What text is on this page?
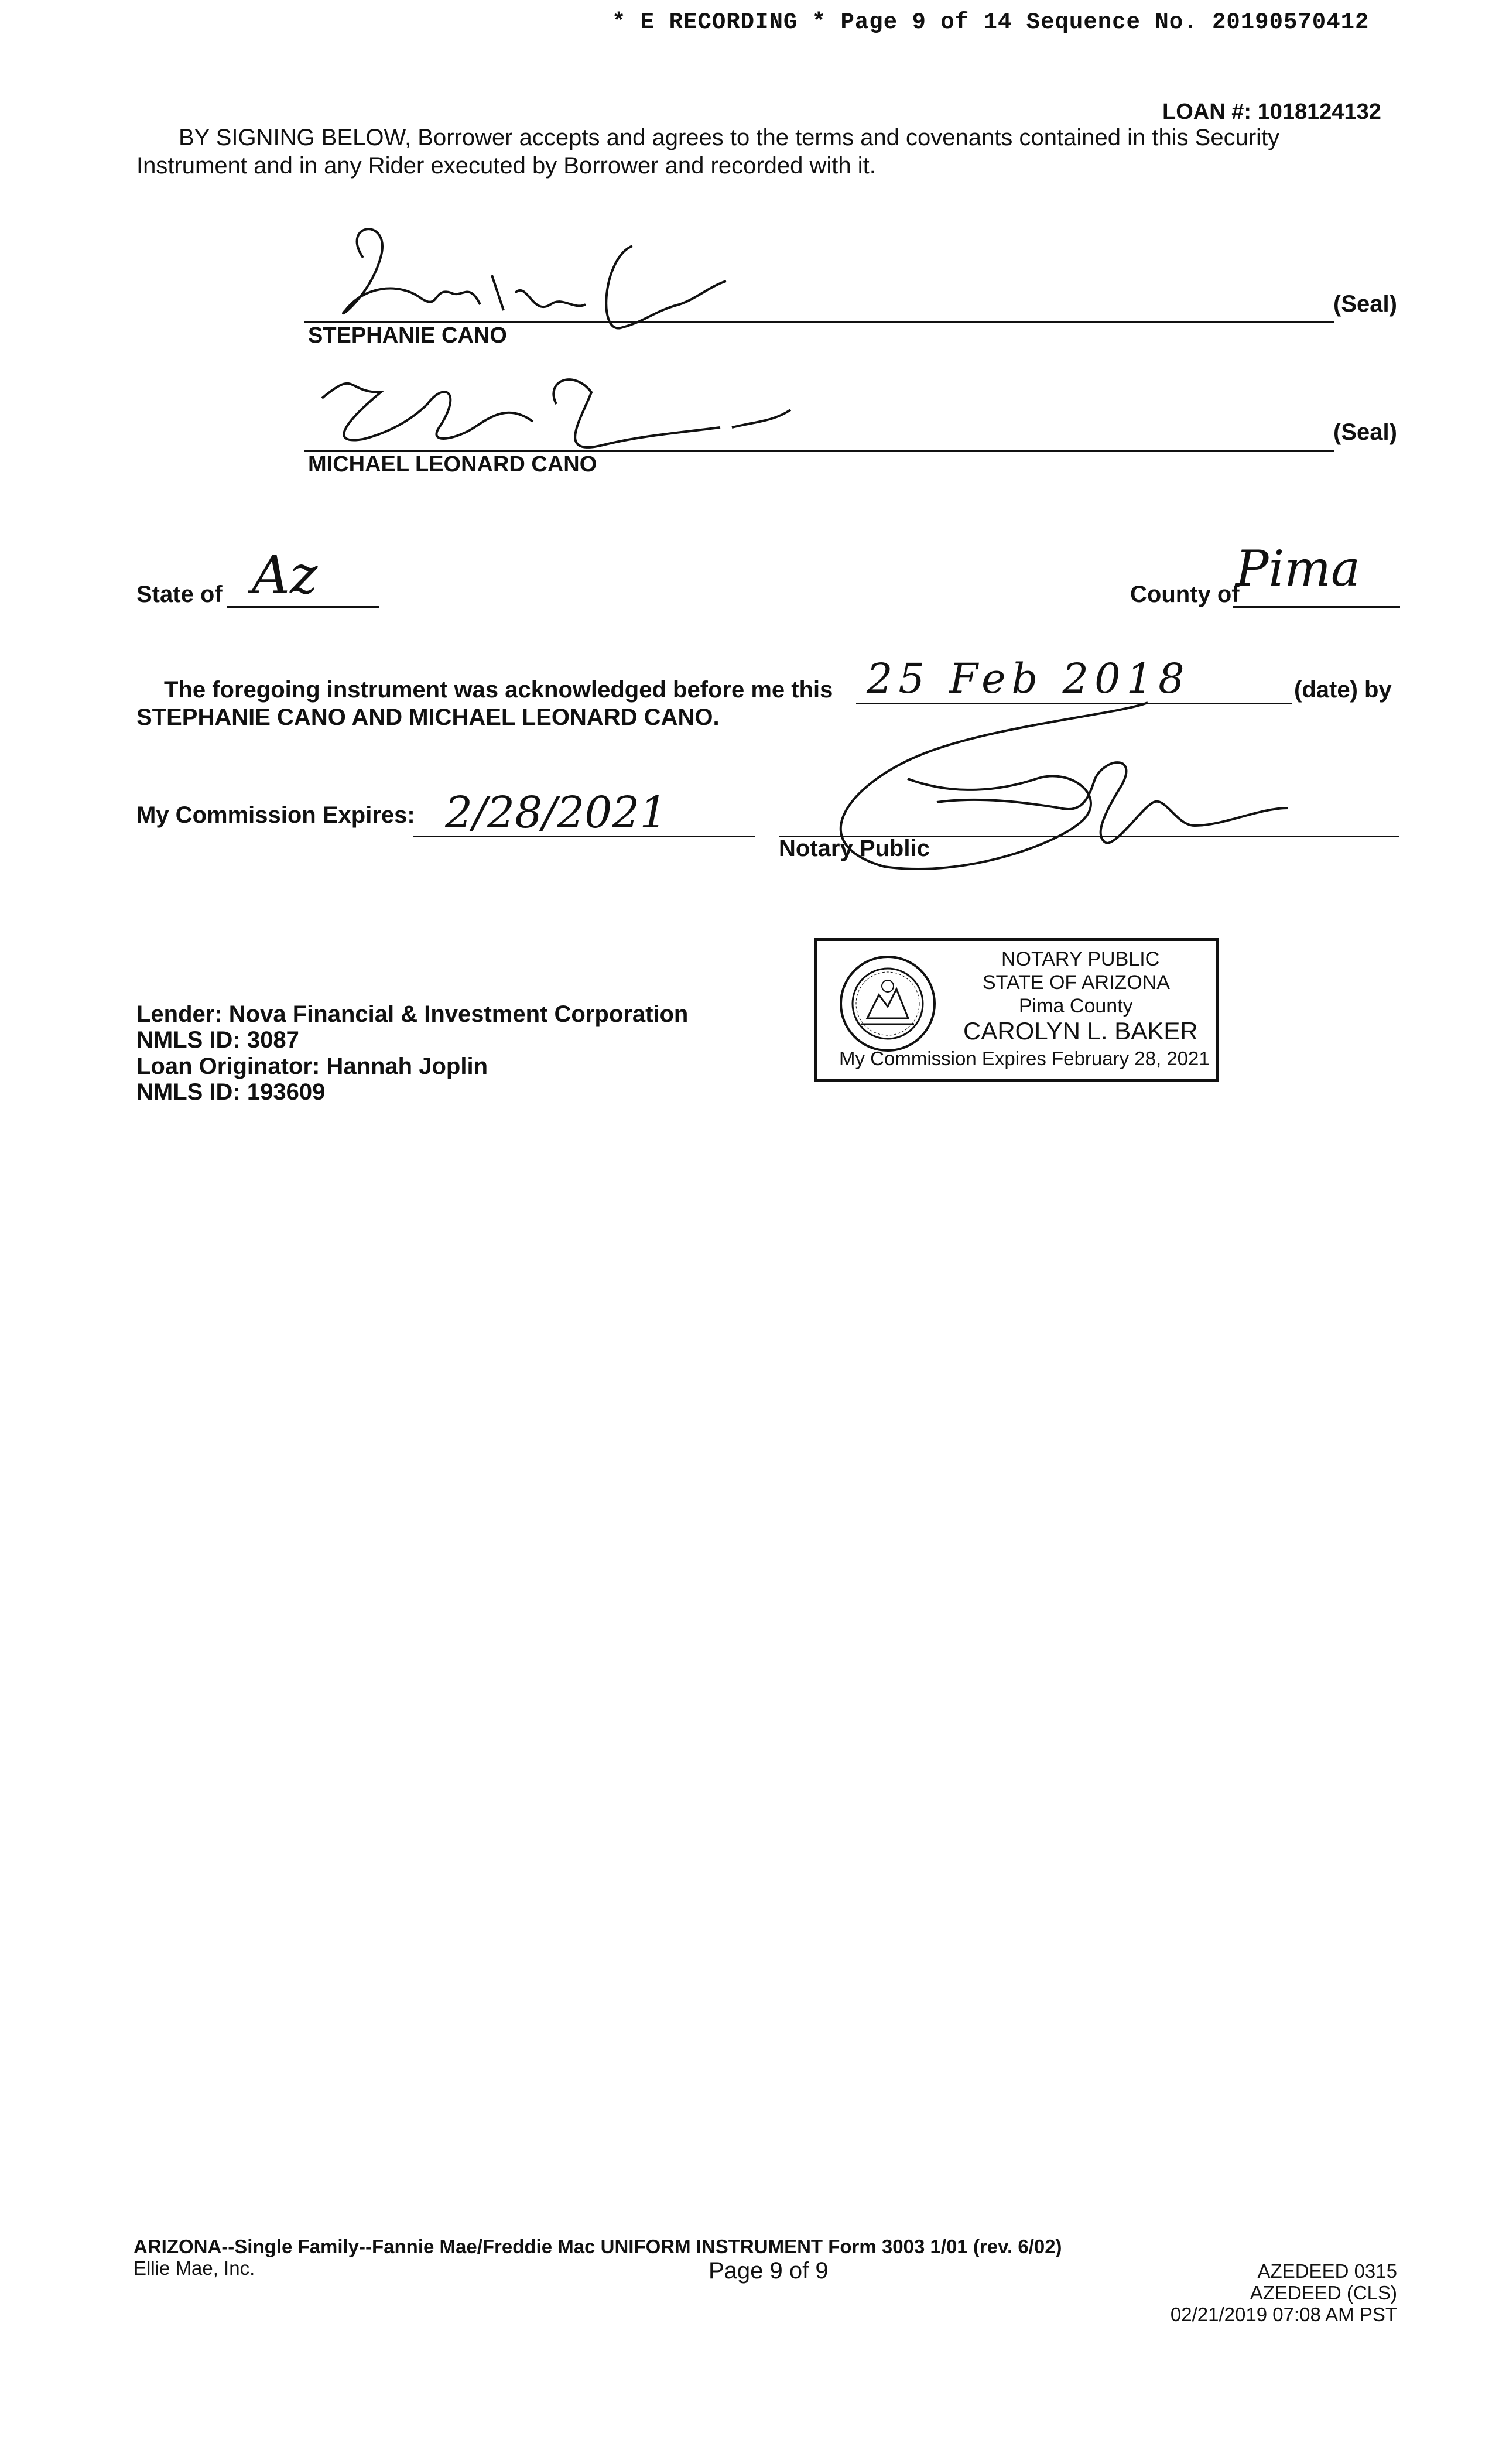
* E RECORDING * Page 9 of 14 Sequence No. 20190570412
LOAN #: 1018124132
BY SIGNING BELOW, Borrower accepts and agrees to the terms and covenants contained in this Security
Instrument and in any Rider executed by Borrower and recorded with it.
STEPHANIE CANO
(Seal)
MICHAEL LEONARD CANO
(Seal)
State of Az	County of
Pima
The foregoing instrument was acknowledged before me this 25 Feb 2018	(date) by
STEPHANIE CANO AND MICHAEL LEONARD CANO.
My Commission Expires: 2/28/2021
Notary Public
NOTARY PUBLIC
STATE OF ARIZONA
Pima County
CAROLYN L. BAKER
My Commission Expires February 28, 2021
Lender: Nova Financial & Investment Corporation
NMLS ID: 3087
Loan Originator: Hannah Joplin
NMLS ID: 193609
ARIZONA--Single Family--Fannie Mae/Freddie Mac UNIFORM INSTRUMENT Form 3003 1/01 (rev. 6/02)
Ellie Mae, Inc.	Page 9 of 9	AZEDEED 0315
AZEDEED (CLS)
02/21/2019 07:08 AM PST
